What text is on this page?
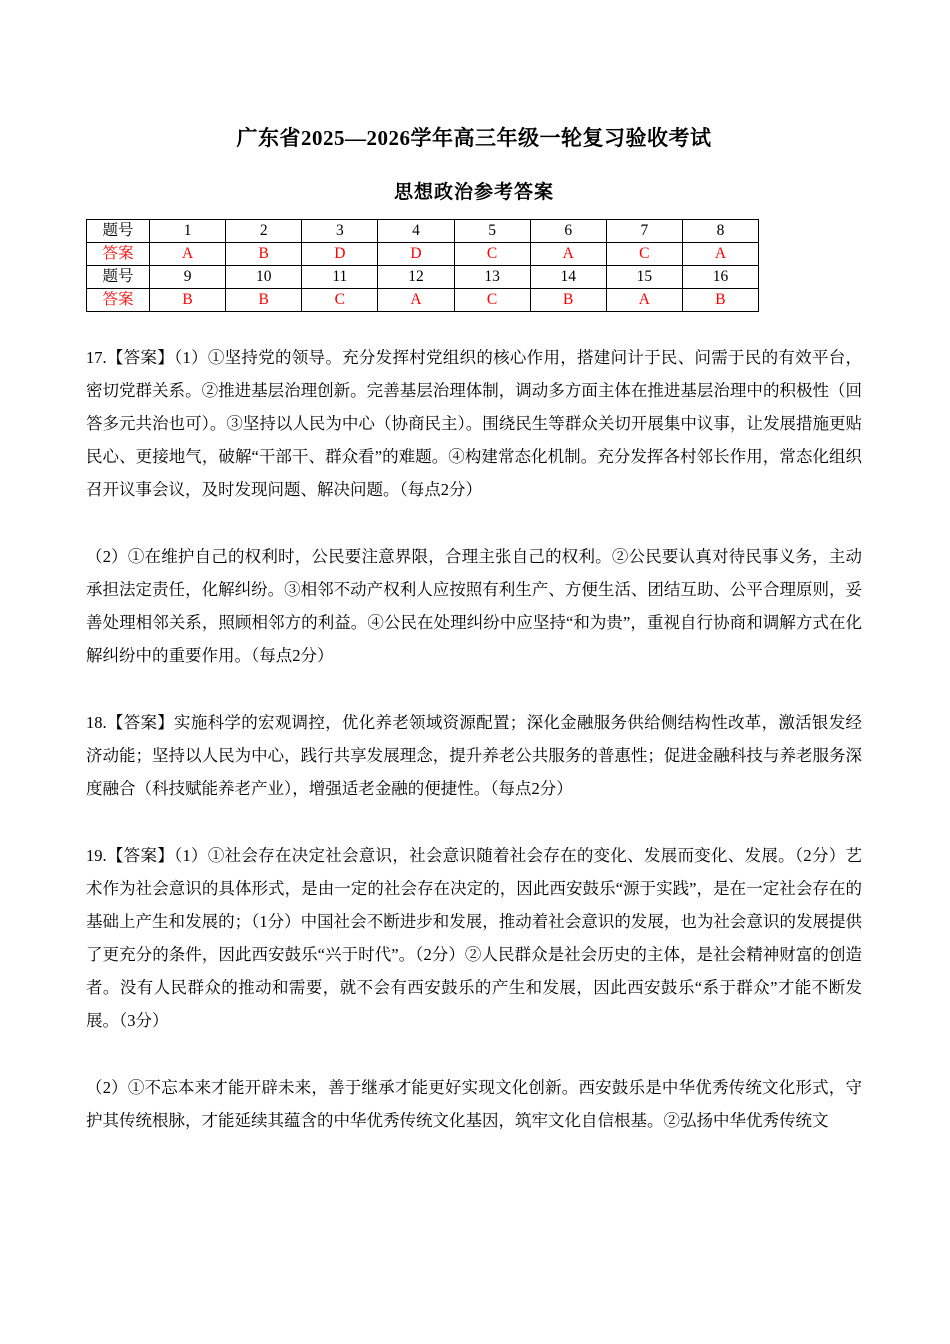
广东省2025—2026学年高三年级一轮复习验收考试
思想政治参考答案
题号	1	2	3	4	5	6	7	8
答案	A	B	D	D	C	A	C	A
题号	9	10	11	12	13	14	15	16
答案	B	B	C	A	C	B	A	B

17.【答案】（1）①坚持党的领导。充分发挥村党组织的核心作用，搭建问计于民、问需于民的有效平台，密切党群关系。②推进基层治理创新。完善基层治理体制，调动多方面主体在推进基层治理中的积极性（回答多元共治也可）。③坚持以人民为中心（协商民主）。围绕民生等群众关切开展集中议事，让发展措施更贴民心、更接地气，破解“干部干、群众看”的难题。④构建常态化机制。充分发挥各村邻长作用，常态化组织召开议事会议，及时发现问题、解决问题。（每点2分）

（2）①在维护自己的权利时，公民要注意界限，合理主张自己的权利。②公民要认真对待民事义务，主动承担法定责任，化解纠纷。③相邻不动产权利人应按照有利生产、方便生活、团结互助、公平合理原则，妥善处理相邻关系，照顾相邻方的利益。④公民在处理纠纷中应坚持“和为贵”，重视自行协商和调解方式在化解纠纷中的重要作用。（每点2分）

18.【答案】实施科学的宏观调控，优化养老领域资源配置；深化金融服务供给侧结构性改革，激活银发经济动能；坚持以人民为中心，践行共享发展理念，提升养老公共服务的普惠性；促进金融科技与养老服务深度融合（科技赋能养老产业），增强适老金融的便捷性。（每点2分）

19.【答案】（1）①社会存在决定社会意识，社会意识随着社会存在的变化、发展而变化、发展。（2分）艺术作为社会意识的具体形式，是由一定的社会存在决定的，因此西安鼓乐“源于实践”，是在一定社会存在的基础上产生和发展的；（1分）中国社会不断进步和发展，推动着社会意识的发展，也为社会意识的发展提供了更充分的条件，因此西安鼓乐“兴于时代”。（2分）②人民群众是社会历史的主体，是社会精神财富的创造者。没有人民群众的推动和需要，就不会有西安鼓乐的产生和发展，因此西安鼓乐“系于群众”才能不断发展。（3分）

（2）①不忘本来才能开辟未来，善于继承才能更好实现文化创新。西安鼓乐是中华优秀传统文化形式，守护其传统根脉，才能延续其蕴含的中华优秀传统文化基因，筑牢文化自信根基。②弘扬中华优秀传统文
